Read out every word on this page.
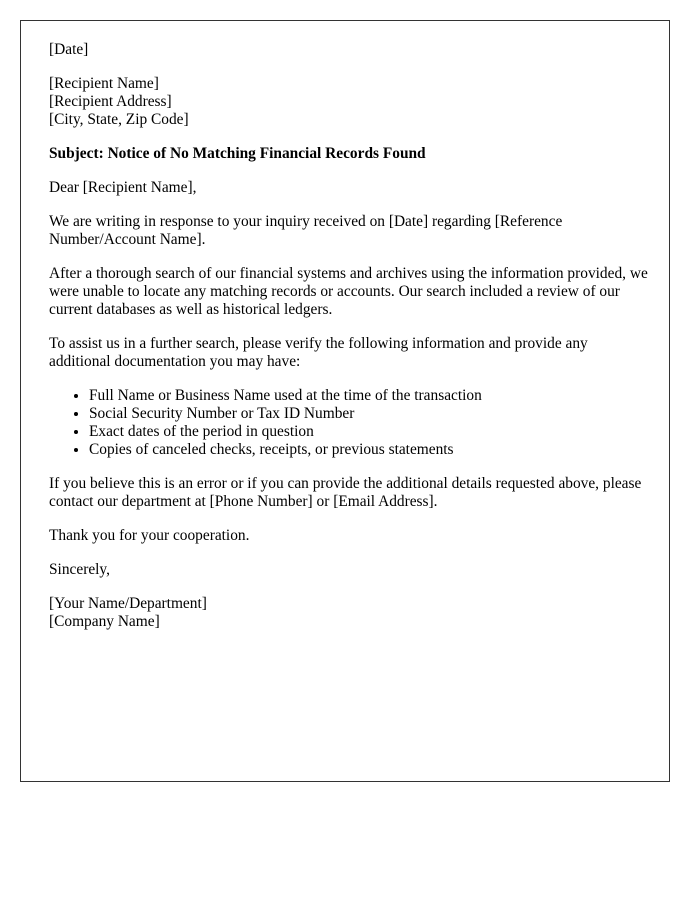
[Date]

[Recipient Name]

[Recipient Address]

[City, State, Zip Code]

Subject: Notice of No Matching Financial Records Found

Dear [Recipient Name],

We are writing in response to your inquiry received on [Date] regarding [Reference Number/Account Name].

After a thorough search of our financial systems and archives using the information provided, we were unable to locate any matching records or accounts. Our search included a review of our current databases as well as historical ledgers.

To assist us in a further search, please verify the following information and provide any additional documentation you may have:

• Full Name or Business Name used at the time of the transaction
• Social Security Number or Tax ID Number
• Exact dates of the period in question
• Copies of canceled checks, receipts, or previous statements

If you believe this is an error or if you can provide the additional details requested above, please contact our department at [Phone Number] or [Email Address].

Thank you for your cooperation.

Sincerely,

[Your Name/Department]

[Company Name]
